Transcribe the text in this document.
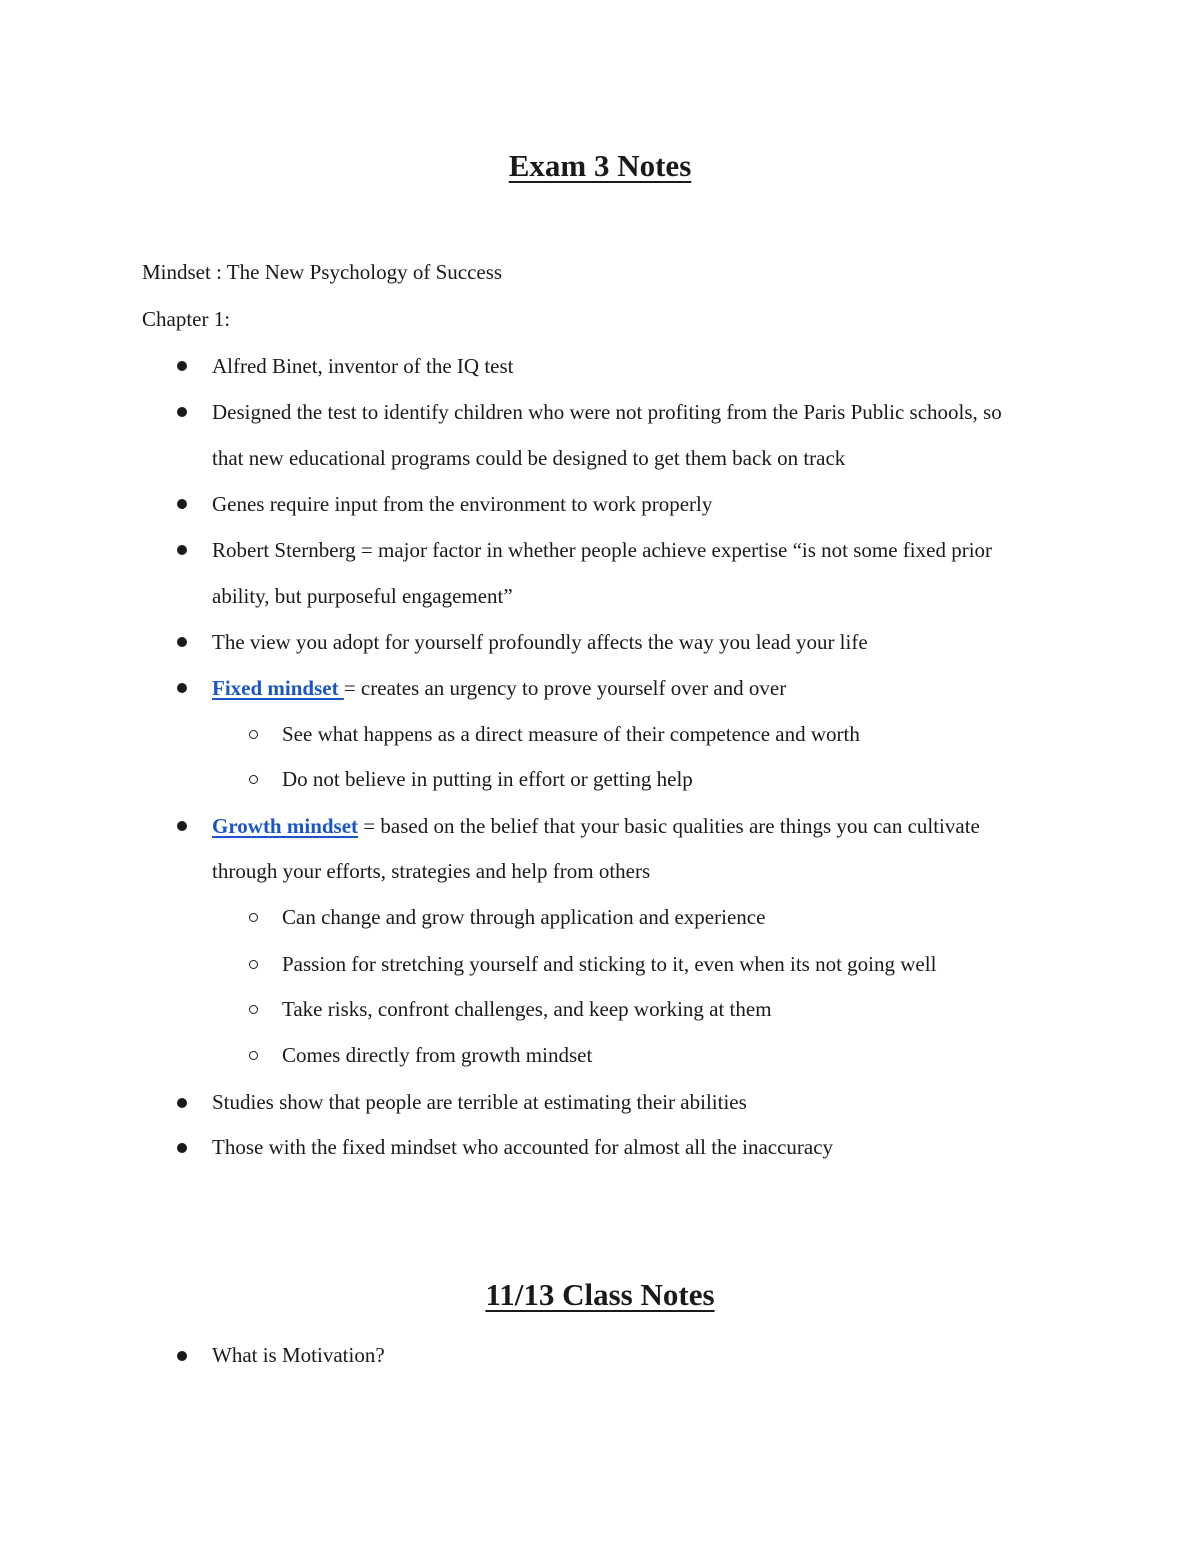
Exam 3 Notes

Mindset : The New Psychology of Success

Chapter 1:

Alfred Binet, inventor of the IQ test

Designed the test to identify children who were not profiting from the Paris Public schools, so

that new educational programs could be designed to get them back on track

Genes require input from the environment to work properly

Robert Sternberg = major factor in whether people achieve expertise “is not some fixed prior

ability, but purposeful engagement”

The view you adopt for yourself profoundly affects the way you lead your life

Fixed mindset = creates an urgency to prove yourself over and over

See what happens as a direct measure of their competence and worth

Do not believe in putting in effort or getting help

Growth mindset = based on the belief that your basic qualities are things you can cultivate

through your efforts, strategies and help from others

Can change and grow through application and experience

Passion for stretching yourself and sticking to it, even when its not going well

Take risks, confront challenges, and keep working at them

Comes directly from growth mindset

Studies show that people are terrible at estimating their abilities

Those with the fixed mindset who accounted for almost all the inaccuracy

11/13 Class Notes

What is Motivation?
